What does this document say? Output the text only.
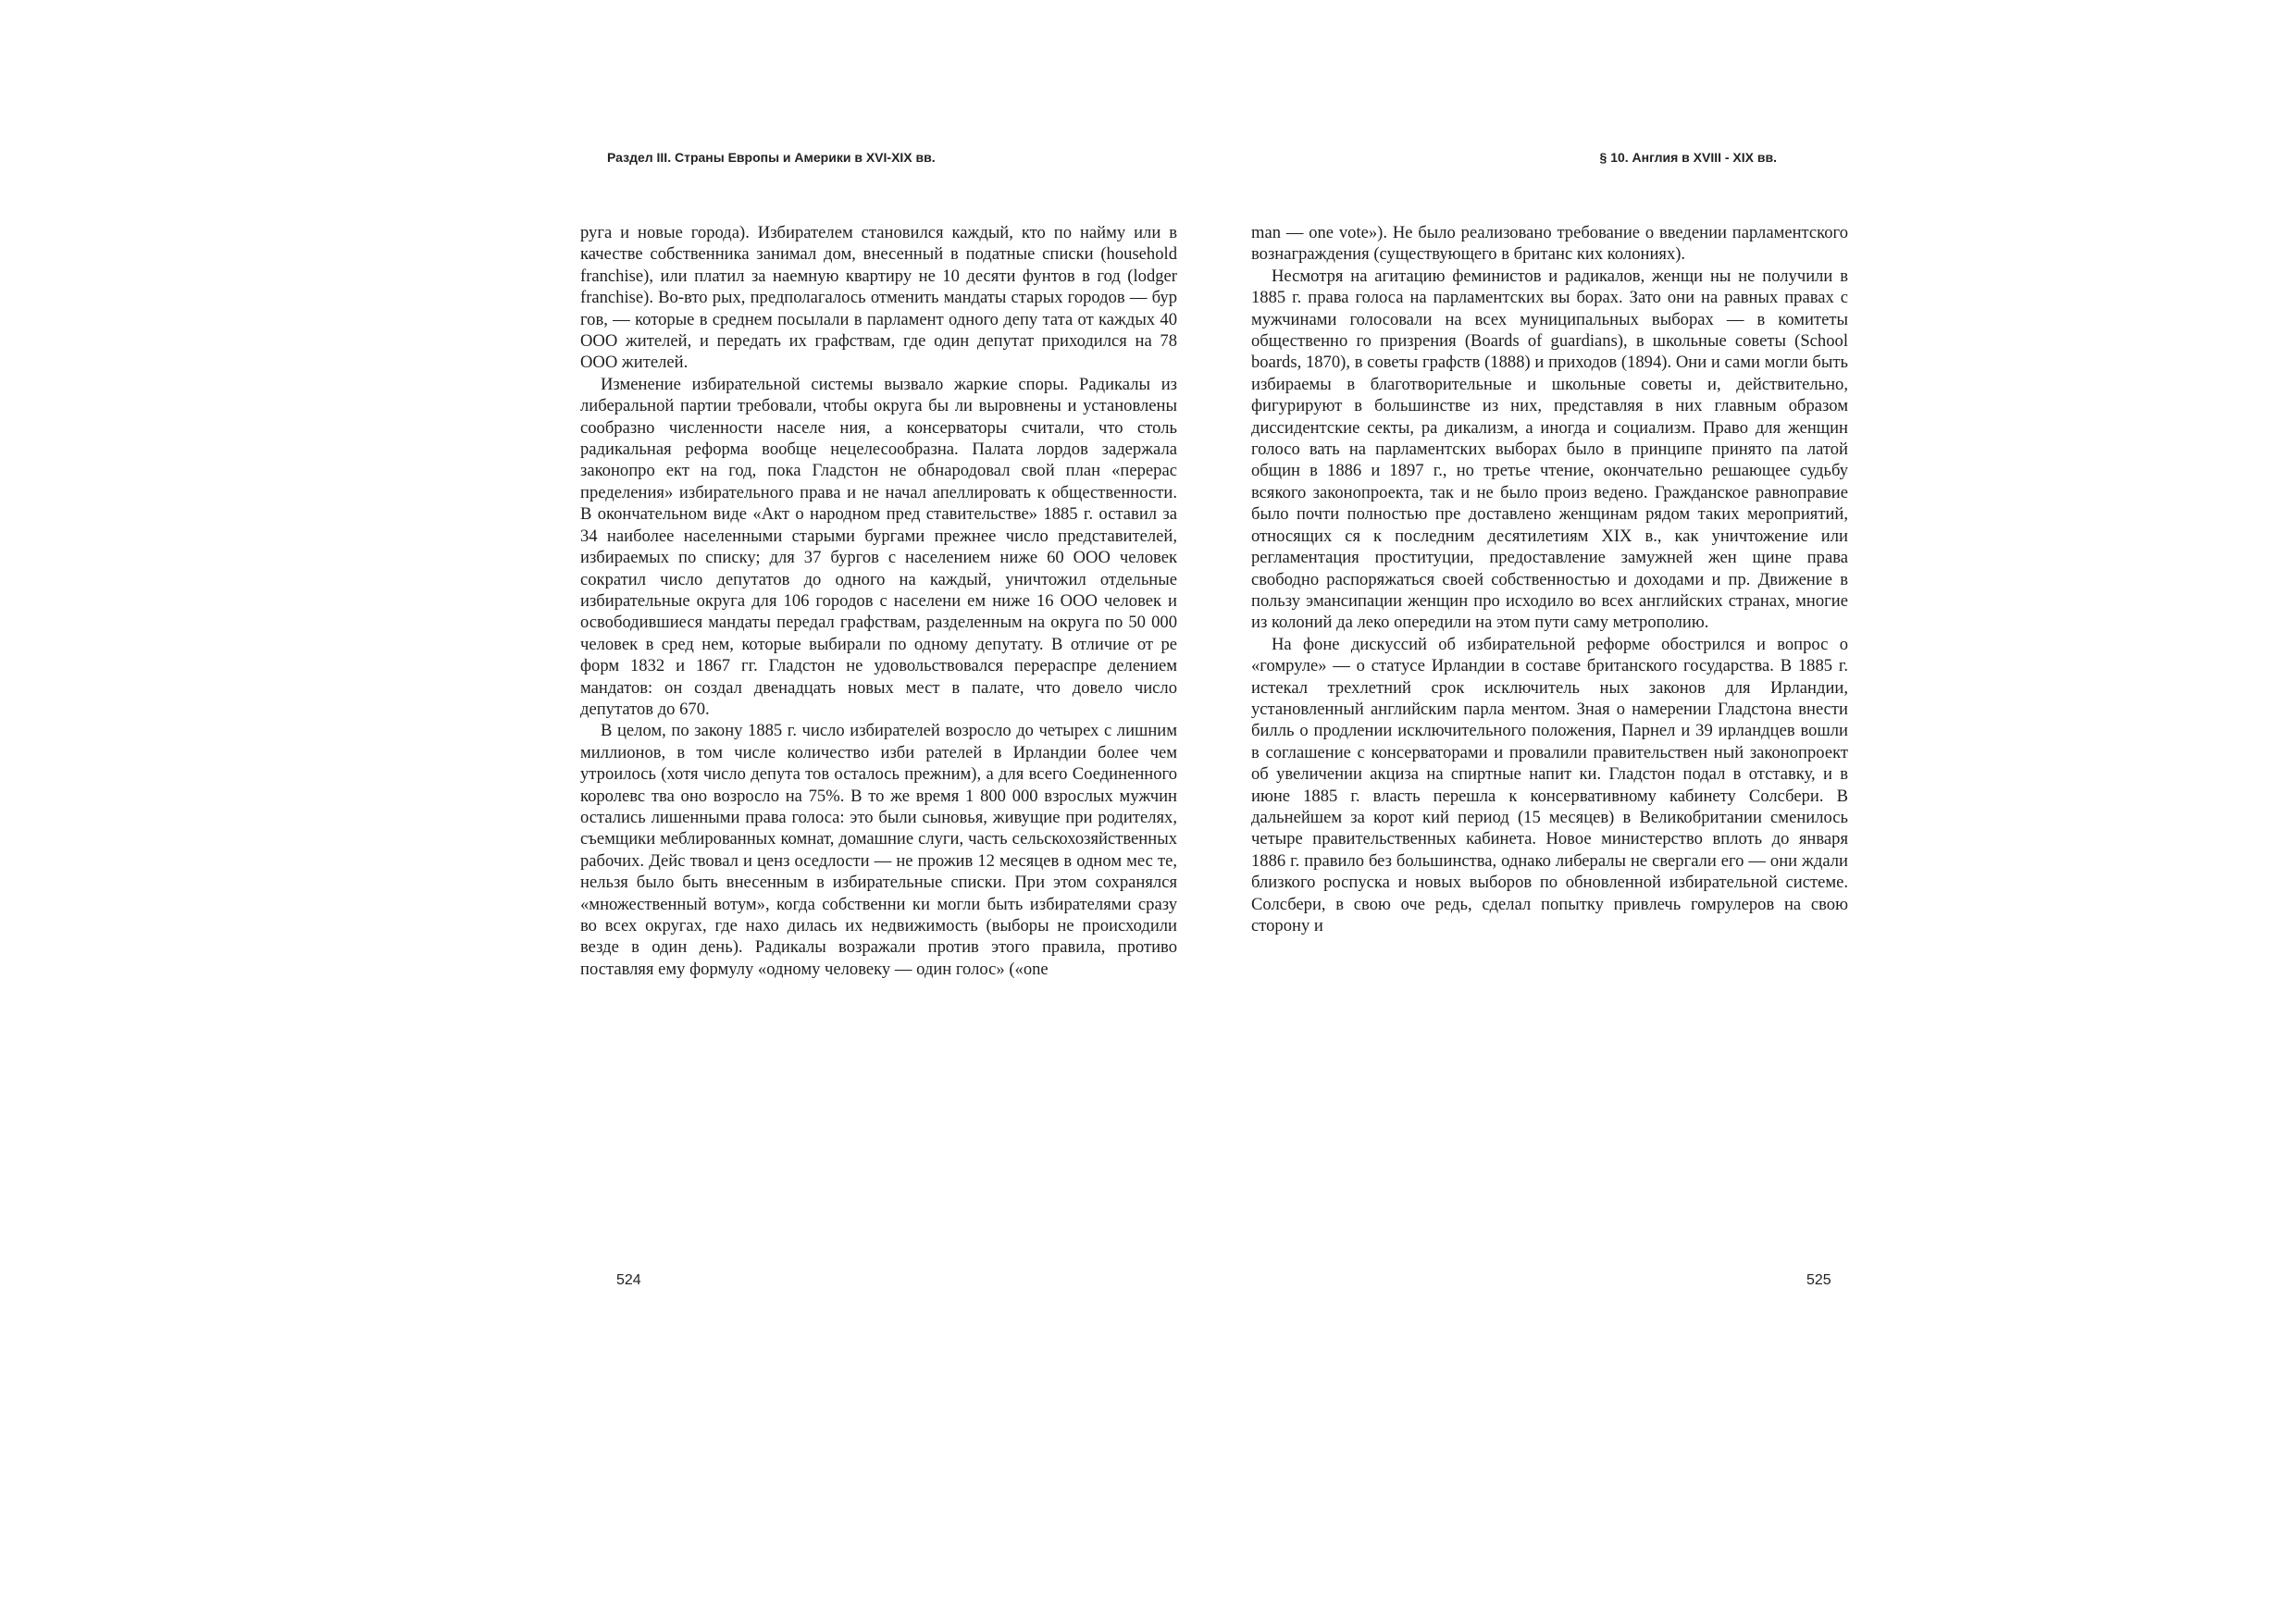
Раздел III. Страны Европы и Америки в XVI-XIX вв.

руга и новые города). Избирателем становился каждый, кто по найму или в качестве собственника занимал дом, внесенный в податные списки (household franchise), или платил за наемную квартиру не 10 десяти фунтов в год (lodger franchise). Во-вто рых, предполагалось отменить мандаты старых городов — бур гов, — которые в среднем посылали в парламент одного депу тата от каждых 40 ООО жителей, и передать их графствам, где один депутат приходился на 78 ООО жителей.

Изменение избирательной системы вызвало жаркие споры. Радикалы из либеральной партии требовали, чтобы округа бы ли выровнены и установлены сообразно численности населе ния, а консерваторы считали, что столь радикальная реформа вообще нецелесообразна. Палата лордов задержала законопро ект на год, пока Гладстон не обнародовал свой план «перерас пределения» избирательного права и не начал апеллировать к общественности. В окончательном виде «Акт о народном пред ставительстве» 1885 г. оставил за 34 наиболее населенными старыми бургами прежнее число представителей, избираемых по списку; для 37 бургов с населением ниже 60 ООО человек сократил число депутатов до одного на каждый, уничтожил отдельные избирательные округа для 106 городов с населени ем ниже 16 ООО человек и освободившиеся мандаты передал графствам, разделенным на округа по 50 000 человек в сред нем, которые выбирали по одному депутату. В отличие от ре форм 1832 и 1867 гг. Гладстон не удовольствовался перераспре делением мандатов: он создал двенадцать новых мест в палате, что довело число депутатов до 670.

В целом, по закону 1885 г. число избирателей возросло до четырех с лишним миллионов, в том числе количество изби рателей в Ирландии более чем утроилось (хотя число депута тов осталось прежним), а для всего Соединенного королевс тва оно возросло на 75%. В то же время 1 800 000 взрослых мужчин остались лишенными права голоса: это были сыновья, живущие при родителях, съемщики меблированных комнат, домашние слуги, часть сельскохозяйственных рабочих. Дейс твовал и ценз оседлости — не прожив 12 месяцев в одном мес те, нельзя было быть внесенным в избирательные списки. При этом сохранялся «множественный вотум», когда собственни ки могли быть избирателями сразу во всех округах, где нахо дилась их недвижимость (выборы не происходили везде в один день). Радикалы возражали против этого правила, противо поставляя ему формулу «одному человеку — один голос» («one

524
§ 10. Англия в XVIII - XIX вв.

man — one vote»). Не было реализовано требование о введении парламентского вознаграждения (существующего в британс ких колониях).

Несмотря на агитацию феминистов и радикалов, женщи ны не получили в 1885 г. права голоса на парламентских вы борах. Зато они на равных правах с мужчинами голосовали на всех муниципальных выборах — в комитеты общественно го призрения (Boards of guardians), в школьные советы (School boards, 1870), в советы графств (1888) и приходов (1894). Они и сами могли быть избираемы в благотворительные и школьные советы и, действительно, фигурируют в большинстве из них, представляя в них главным образом диссидентские секты, ра дикализм, а иногда и социализм. Право для женщин голосо вать на парламентских выборах было в принципе принято па латой общин в 1886 и 1897 г., но третье чтение, окончательно решающее судьбу всякого законопроекта, так и не было произ ведено. Гражданское равноправие было почти полностью пре доставлено женщинам рядом таких мероприятий, относящих ся к последним десятилетиям XIX в., как уничтожение или регламентация проституции, предоставление замужней жен щине права свободно распоряжаться своей собственностью и доходами и пр. Движение в пользу эмансипации женщин про исходило во всех английских странах, многие из колоний да леко опередили на этом пути саму метрополию.

На фоне дискуссий об избирательной реформе обострился и вопрос о «гомруле» — о статусе Ирландии в составе британского государства. В 1885 г. истекал трехлетний срок исключитель ных законов для Ирландии, установленный английским парла ментом. Зная о намерении Гладстона внести билль о продлении исключительного положения, Парнел и 39 ирландцев вошли в соглашение с консерваторами и провалили правительствен ный законопроект об увеличении акциза на спиртные напит ки. Гладстон подал в отставку, и в июне 1885 г. власть перешла к консервативному кабинету Солсбери. В дальнейшем за корот кий период (15 месяцев) в Великобритании сменилось четыре правительственных кабинета. Новое министерство вплоть до января 1886 г. правило без большинства, однако либералы не свергали его — они ждали близкого роспуска и новых выборов по обновленной избирательной системе. Солсбери, в свою оче редь, сделал попытку привлечь гомрулеров на свою сторону и

525
